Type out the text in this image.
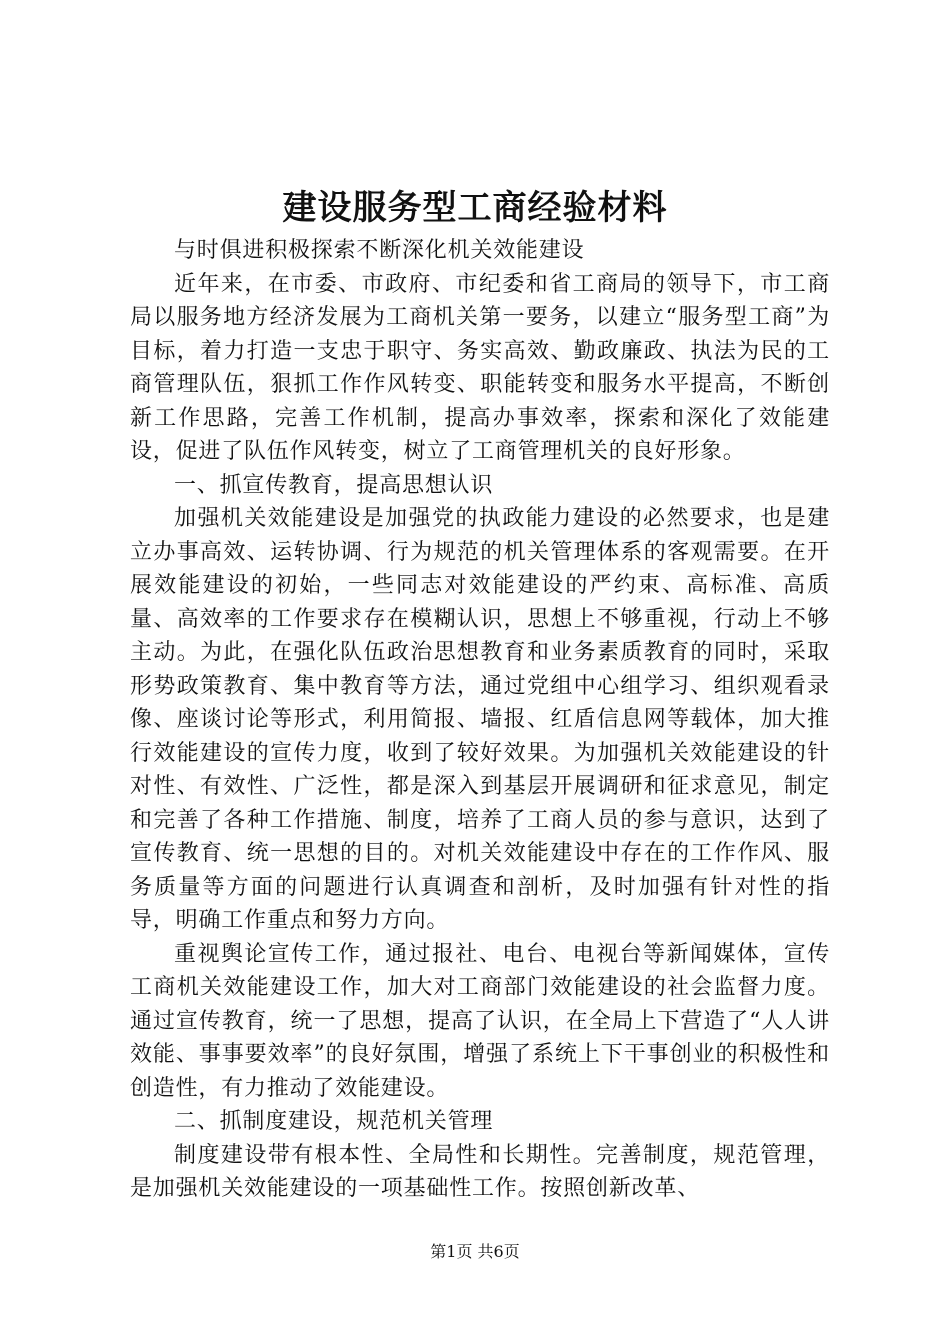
建设服务型工商经验材料

与时俱进积极探索不断深化机关效能建设

近年来，在市委、市政府、市纪委和省工商局的领导下，市工商局以服务地方经济发展为工商机关第一要务，以建立“服务型工商”为目标，着力打造一支忠于职守、务实高效、勤政廉政、执法为民的工商管理队伍，狠抓工作作风转变、职能转变和服务水平提高，不断创新工作思路，完善工作机制，提高办事效率，探索和深化了效能建设，促进了队伍作风转变，树立了工商管理机关的良好形象。

一、抓宣传教育，提高思想认识

加强机关效能建设是加强党的执政能力建设的必然要求，也是建立办事高效、运转协调、行为规范的机关管理体系的客观需要。在开展效能建设的初始，一些同志对效能建设的严约束、高标准、高质量、高效率的工作要求存在模糊认识，思想上不够重视，行动上不够主动。为此，在强化队伍政治思想教育和业务素质教育的同时，采取形势政策教育、集中教育等方法，通过党组中心组学习、组织观看录像、座谈讨论等形式，利用简报、墙报、红盾信息网等载体，加大推行效能建设的宣传力度，收到了较好效果。为加强机关效能建设的针对性、有效性、广泛性，都是深入到基层开展调研和征求意见，制定和完善了各种工作措施、制度，培养了工商人员的参与意识，达到了宣传教育、统一思想的目的。对机关效能建设中存在的工作作风、服务质量等方面的问题进行认真调查和剖析，及时加强有针对性的指导，明确工作重点和努力方向。

重视舆论宣传工作，通过报社、电台、电视台等新闻媒体，宣传工商机关效能建设工作，加大对工商部门效能建设的社会监督力度。通过宣传教育，统一了思想，提高了认识，在全局上下营造了“人人讲效能、事事要效率”的良好氛围，增强了系统上下干事创业的积极性和创造性，有力推动了效能建设。

二、抓制度建设，规范机关管理

制度建设带有根本性、全局性和长期性。完善制度，规范管理，是加强机关效能建设的一项基础性工作。按照创新改革、

第1页 共6页
